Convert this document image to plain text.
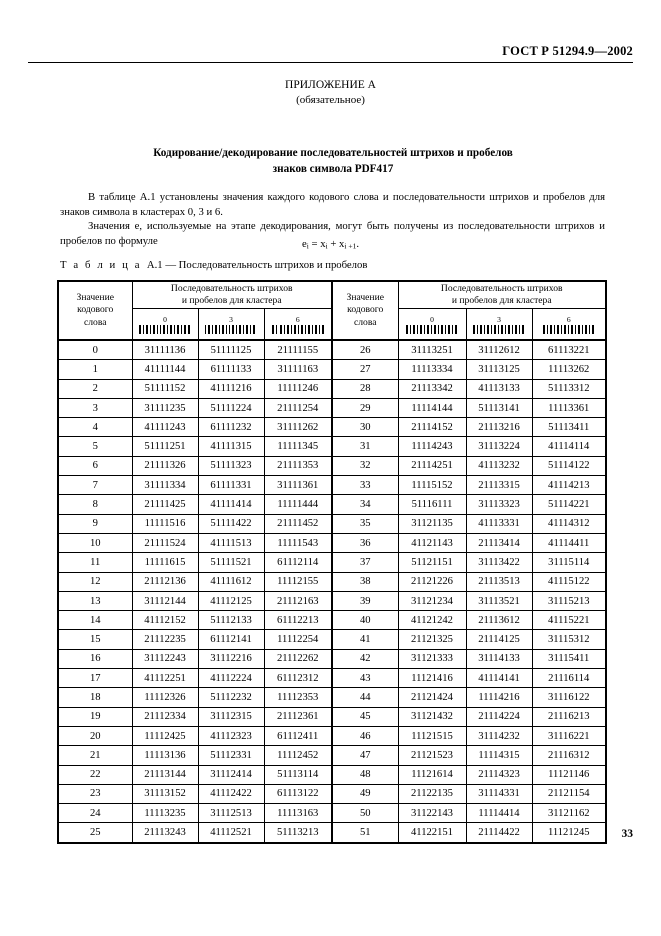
ГОСТ Р 51294.9—2002
ПРИЛОЖЕНИЕ А
(обязательное)
Кодирование/декодирование последовательностей штрихов и пробелов
знаков символа PDF417

В таблице А.1 установлены значения каждого кодового слова и последовательности штрихов и пробелов для знаков символа в кластерах 0, 3 и 6.

Значения e, используемые на этапе декодирования, могут быть получены из последовательности штрихов и пробелов по формуле	$e_i = x_i + x_{i +1}$.
Т а б л и ц а А.1 — Последовательность штрихов и пробелов
Значение
кодового
слова

Последовательность штрихов
и пробелов для кластера	Значение
кодового
слова

Последовательность штрихов
и пробелов для кластера

	0	3	6		0	3	6

0	31111136	51111125	21111155	26	31113251	31112612	61113221
1	41111144	61111133	31111163	27	11113334	31113125	11113262
2	51111152	41111216	11111246	28	21113342	41113133	51113312
3	31111235	51111224	21111254	29	11114144	51113141	11113361
4	41111243	61111232	31111262	30	21114152	21113216	51113411
5	51111251	41111315	11111345	31	11114243	31113224	41114114
6	21111326	51111323	21111353	32	21114251	41113232	51114122
7	31111334	61111331	31111361	33	11115152	21113315	41114213
8	21111425	41111414	11111444	34	51116111	31113323	51114221
9	11111516	51111422	21111452	35	31121135	41113331	41114312
10	21111524	41111513	11111543	36	41121143	21113414	41114411
11	11111615	51111521	61112114	37	51121151	31113422	31115114
12	21112136	41111612	11112155	38	21121226	21113513	41115122
13	31112144	41112125	21112163	39	31121234	31113521	31115213
14	41112152	51112133	61112213	40	41121242	21113612	41115221
15	21112235	61112141	11112254	41	21121325	21114125	31115312
16	31112243	31112216	21112262	42	31121333	31114133	31115411
17	41112251	41112224	61112312	43	11121416	41114141	21116114
18	11112326	51112232	11112353	44	21121424	11114216	31116122
19	21112334	31112315	21112361	45	31121432	21114224	21116213
20	11112425	41112323	61112411	46	11121515	31114232	31116221
21	11113136	51112331	11112452	47	21121523	11114315	21116312
22	21113144	31112414	51113114	48	11121614	21114323	11121146
23	31113152	41112422	61113122	49	21122135	31114331	21121154
24	11113235	31112513	11113163	50	31122143	11114414	31121162
25	21113243	41112521	51113213	51	41122151	21114422	11121245	33
